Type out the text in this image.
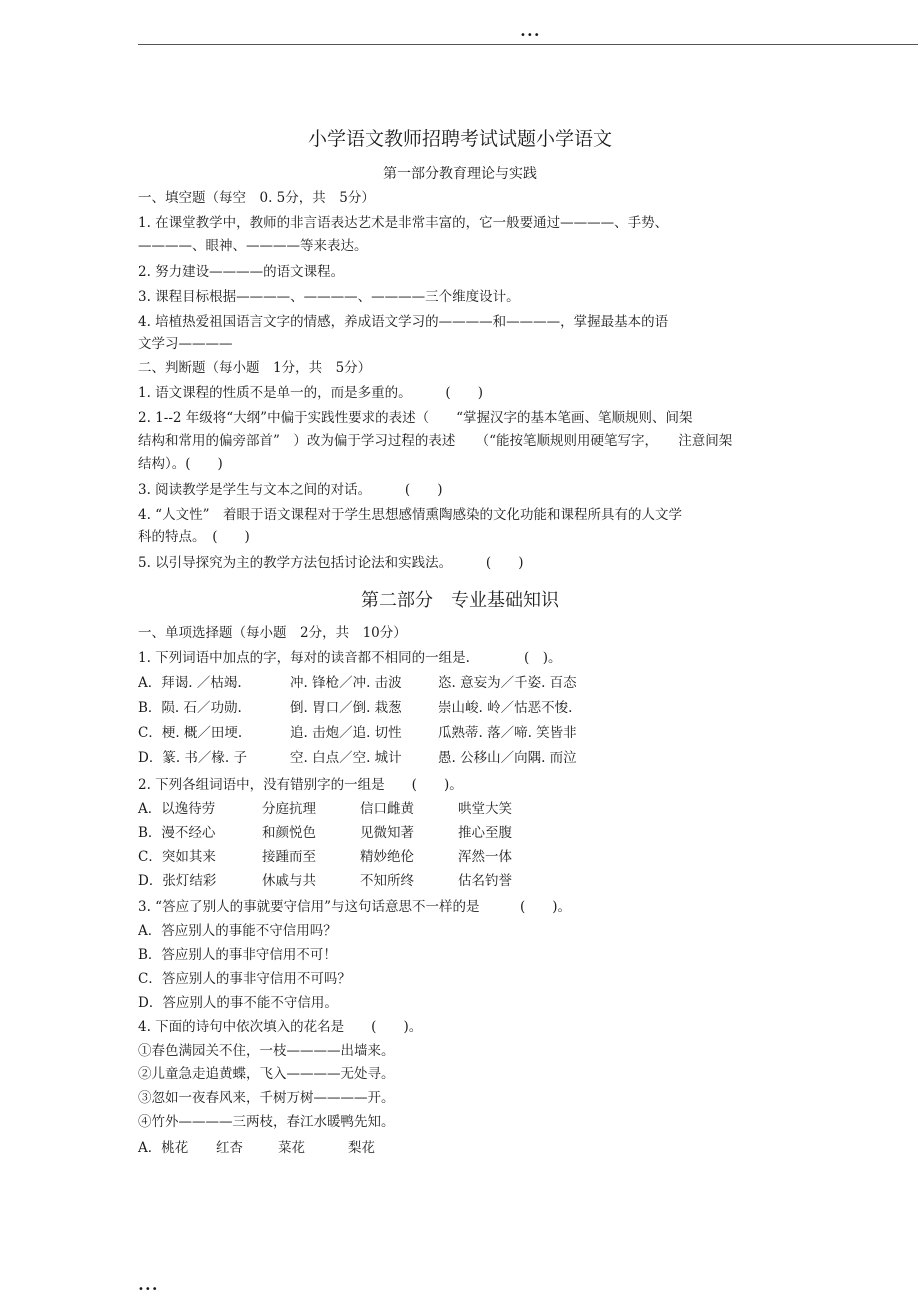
•••
小学语文教师招聘考试试题小学语文
第一部分教育理论与实践
一、填空题（每空　0. 5分，共　5分）
1. 在课堂教学中，教师的非言语表达艺术是非常丰富的，它一般要通过————、手势、
————、眼神、————等来表达。
2. 努力建设————的语文课程。
3. 课程目标根据————、————、————三个维度设计。
4. 培植热爱祖国语言文字的情感，养成语文学习的————和————，掌握最基本的语
文学习————
二、判断题（每小题　1分，共　5分）
1. 语文课程的性质不是单一的，而是多重的。　　　(　　)
2. 1--2 年级将“大纲”中偏于实践性要求的表述（　　“掌握汉字的基本笔画、笔顺规则、间架
结构和常用的偏旁部首”　）改为偏于学习过程的表述　　（“能按笔顺规则用硬笔写字，　　注意间架
结构）。(　　)
3. 阅读教学是学生与文本之间的对话。　　　(　　)
4. “人文性”　着眼于语文课程对于学生思想感情熏陶感染的文化功能和课程所具有的人文学
科的特点。　(　　)
5. 以引导探究为主的教学方法包括讨论法和实践法。　　　(　　)
第二部分　专业基础知识
一、单项选择题（每小题　2分，共　10分）
1. 下列词语中加点的字，每对的读音都不相同的一组是.　　　　(　)。
A．拜谒. ／枯竭.	冲. 锋枪／冲. 击波	恣. 意妄为／千姿. 百态
B．陨. 石／功勋.	倒. 胃口／倒. 栽葱	崇山峻. 岭／怙恶不悛.
C．梗. 概／田埂.	追. 击炮／追. 切性	瓜熟蒂. 落／啼. 笑皆非
D．篆. 书／椽. 子	空. 白点／空. 城计	愚. 公移山／向隅. 而泣
2. 下列各组词语中，没有错别字的一组是　　(　　)。
A．以逸待劳	分庭抗理	信口雌黄	哄堂大笑
B．漫不经心	和颜悦色	见微知著	推心至腹
C．突如其来	接踵而至	精妙绝伦	浑然一体
D．张灯结彩	休戚与共	不知所终	估名钓誉
3. “答应了别人的事就要守信用”与这句话意思不一样的是　　　(　　)。
A．答应别人的事能不守信用吗？
B．答应别人的事非守信用不可！
C．答应别人的事非守信用不可吗？
D．答应别人的事不能不守信用。
4. 下面的诗句中依次填入的花名是　　(　　)。
①春色满园关不住，一枝————出墙来。
②儿童急走追黄蝶，飞入————无处寻。
③忽如一夜春风来，千树万树————开。
④竹外————三两枝，春江水暖鸭先知。
A．桃花 红杏	菜花	梨花
•••
